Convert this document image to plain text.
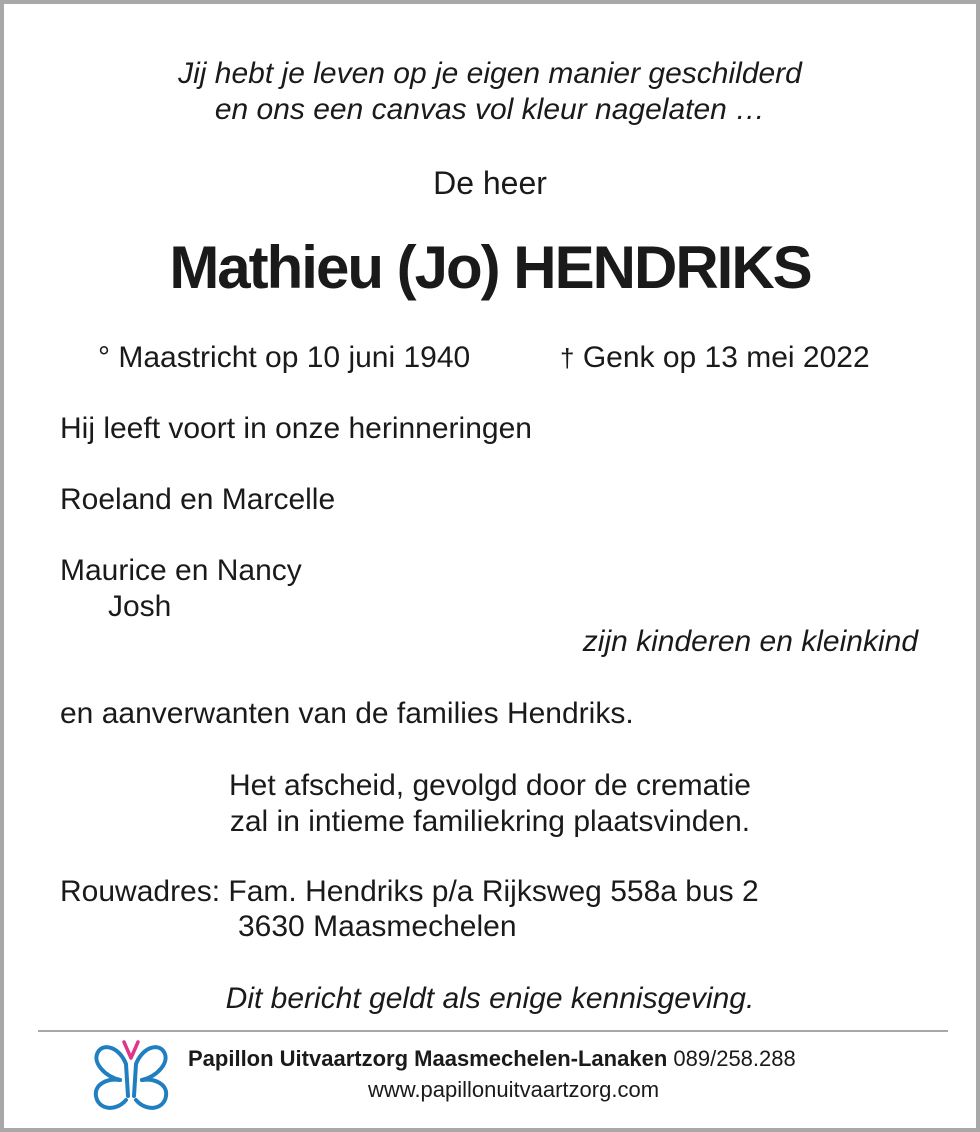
Jij hebt je leven op je eigen manier geschilderd
en ons een canvas vol kleur nagelaten …
De heer
Mathieu (Jo) HENDRIKS
° Maastricht op 10 juni 1940	† Genk op 13 mei 2022
Hij leeft voort in onze herinneringen
Roeland en Marcelle
Maurice en Nancy
Josh
zijn kinderen en kleinkind
en aanverwanten van de families Hendriks.
Het afscheid, gevolgd door de crematie
zal in intieme familiekring plaatsvinden.
Rouwadres: Fam. Hendriks p/a Rijksweg 558a bus 2
3630 Maasmechelen
Dit bericht geldt als enige kennisgeving.
Papillon Uitvaartzorg Maasmechelen-Lanaken 089/258.288
www.papillonuitvaartzorg.com
